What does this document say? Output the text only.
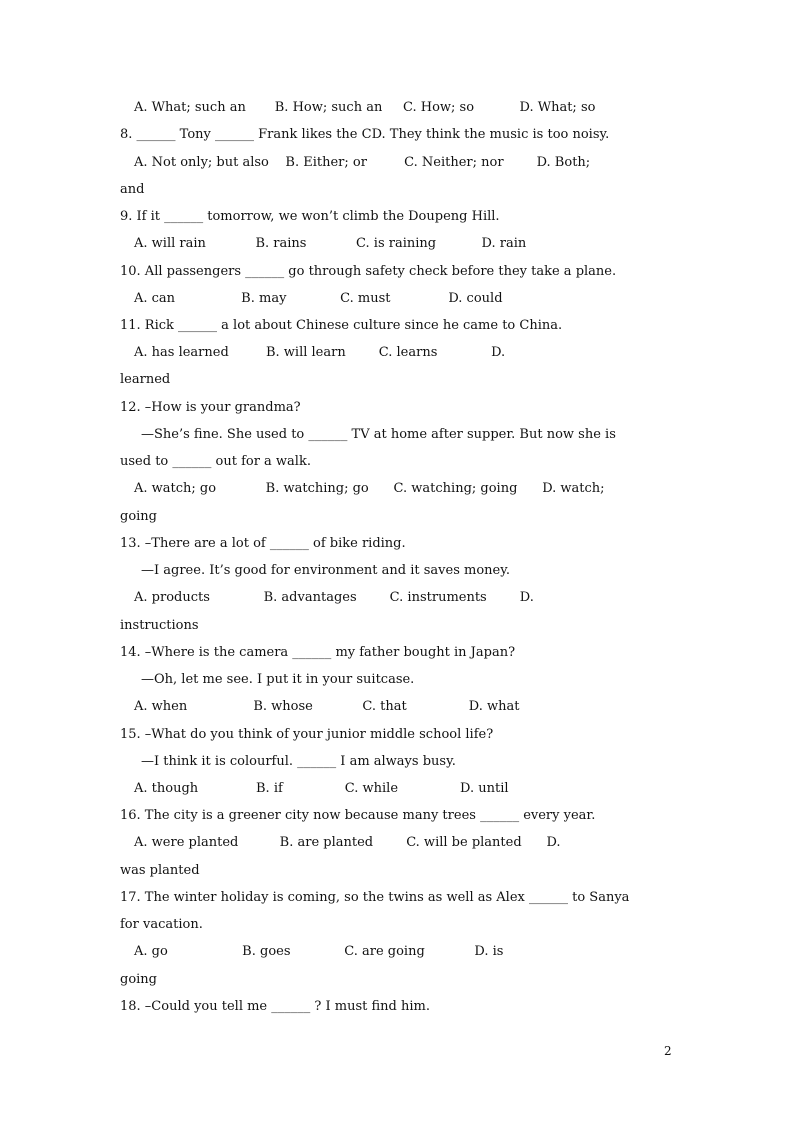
A. What; such an       B. How; such an     C. How; so           D. What; so
8. ______ Tony ______ Frank likes the CD. They think the music is too noisy.
A. Not only; but also    B. Either; or         C. Neither; nor        D. Both;
and
9. If it ______ tomorrow, we won’t climb the Doupeng Hill.
A. will rain            B. rains            C. is raining           D. rain
10. All passengers ______ go through safety check before they take a plane.
A. can                B. may             C. must              D. could
11. Rick ______ a lot about Chinese culture since he came to China.
A. has learned         B. will learn        C. learns             D.
learned
12. –How is your grandma?
—She’s fine. She used to ______ TV at home after supper. But now she is
used to ______ out for a walk.
A. watch; go            B. watching; go      C. watching; going      D. watch;
going
13. –There are a lot of ______ of bike riding.
—I agree. It’s good for environment and it saves money.
A. products             B. advantages        C. instruments        D.
instructions
14. –Where is the camera ______ my father bought in Japan?
—Oh, let me see. I put it in your suitcase.
A. when                B. whose            C. that               D. what
15. –What do you think of your junior middle school life?
—I think it is colourful. ______ I am always busy.
A. though              B. if               C. while               D. until
16. The city is a greener city now because many trees ______ every year.
A. were planted          B. are planted        C. will be planted      D.
was planted
17. The winter holiday is coming, so the twins as well as Alex ______ to Sanya
for vacation.
A. go                  B. goes             C. are going            D. is
going
18. –Could you tell me ______ ? I must find him.
2
